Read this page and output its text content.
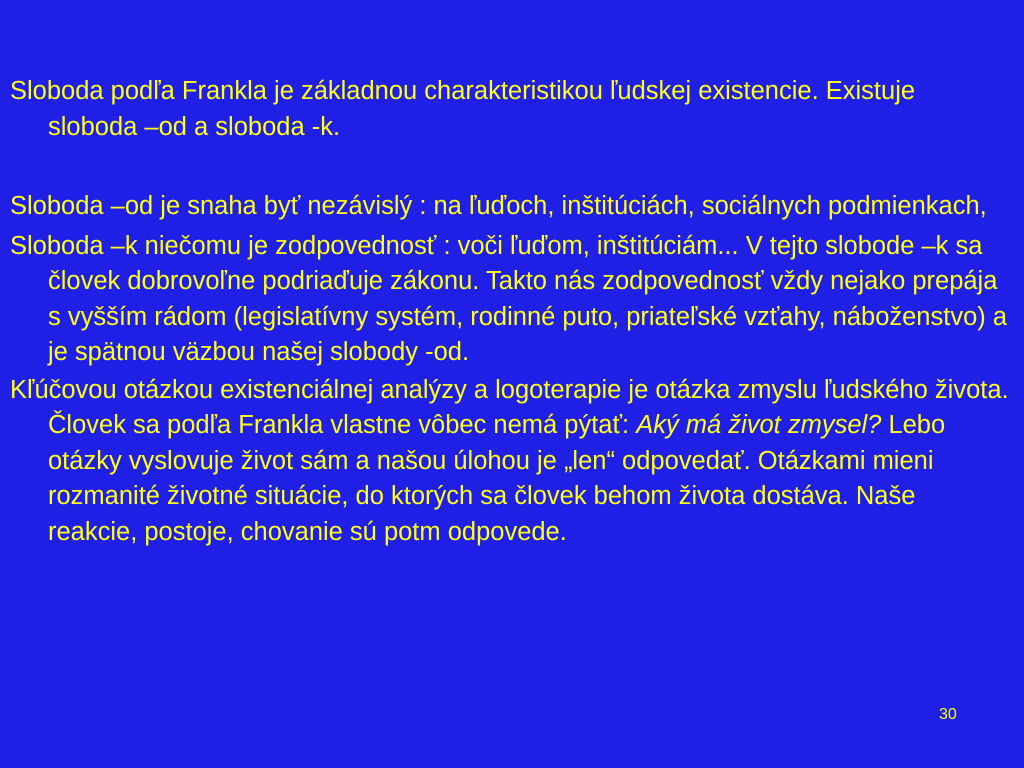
Sloboda podľa Frankla je základnou charakteristikou ľudskej existencie. Existuje sloboda –od a sloboda -k.

Sloboda –od je snaha byť nezávislý : na ľuďoch, inštitúciách, sociálnych podmienkach,

Sloboda –k niečomu je zodpovednosť : voči ľuďom, inštitúciám... V tejto slobode –k sa človek dobrovoľne podriaďuje zákonu. Takto nás zodpovednosť vždy nejako prepája s vyšším rádom (legislatívny systém, rodinné puto, priateľské vzťahy, náboženstvo) a je spätnou väzbou našej slobody -od.

Kľúčovou otázkou existenciálnej analýzy a logoterapie je otázka zmyslu ľudského života. Človek sa podľa Frankla vlastne vôbec nemá pýtať: Aký má život zmysel? Lebo otázky vyslovuje život sám a našou úlohou je „len“ odpovedať. Otázkami mieni rozmanité životné situácie, do ktorých sa človek behom života dostáva. Naše reakcie, postoje, chovanie sú potm odpovede.

30
